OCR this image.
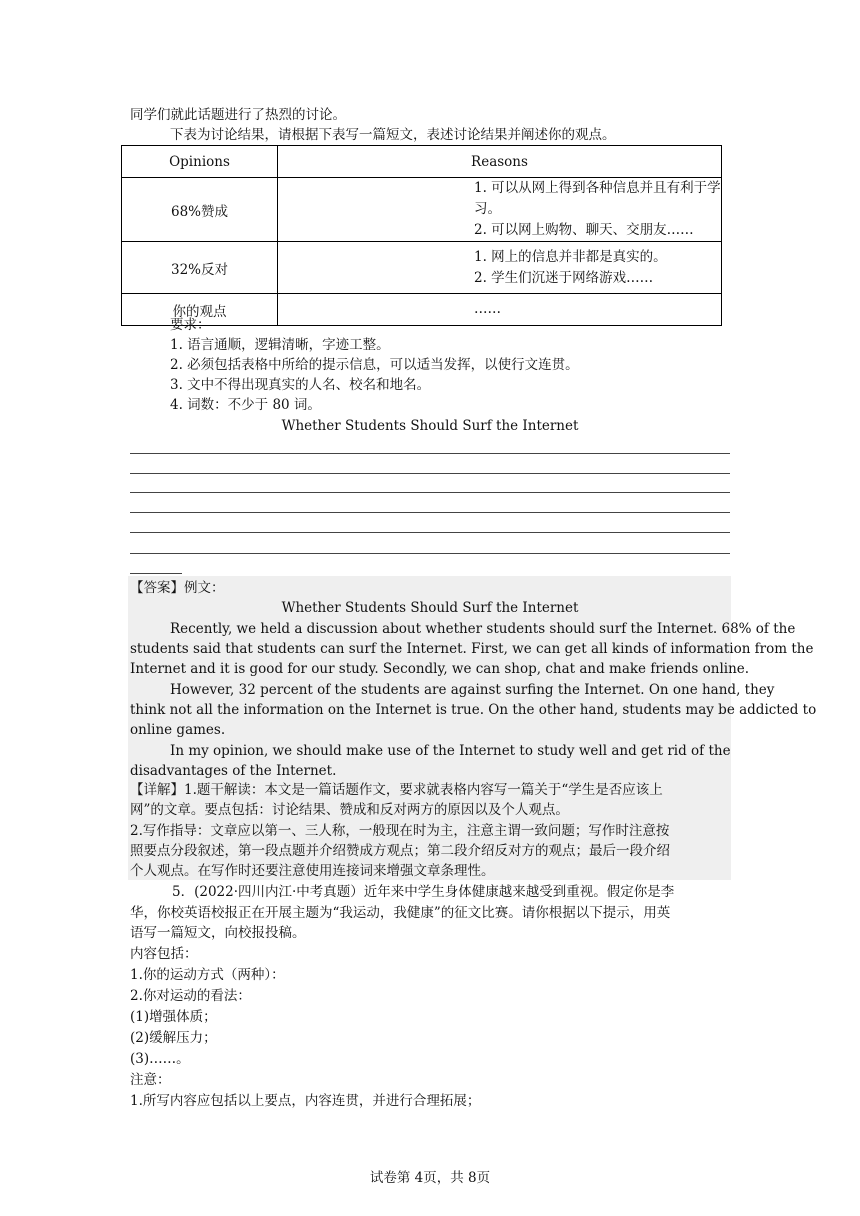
同学们就此话题进行了热烈的讨论。
下表为讨论结果，请根据下表写一篇短文，表述讨论结果并阐述你的观点。
Opinions	Reasons
68%赞成	1. 可以从网上得到各种信息并且有利于学习。
2. 可以网上购物、聊天、交朋友……

32%反对	1. 网上的信息并非都是真实的。
2. 学生们沉迷于网络游戏……

你的观点	……
要求：
1. 语言通顺，逻辑清晰，字迹工整。
2. 必须包括表格中所给的提示信息，可以适当发挥，以使行文连贯。
3. 文中不得出现真实的人名、校名和地名。
4. 词数：不少于 80 词。
Whether Students Should Surf the Internet
【答案】例文：
Whether Students Should Surf the Internet
Recently, we held a discussion about whether students should surf the Internet. 68% of the
students said that students can surf the Internet. First, we can get all kinds of information from the
Internet and it is good for our study. Secondly, we can shop, chat and make friends online.
However, 32 percent of the students are against surfing the Internet. On one hand, they
think not all the information on the Internet is true. On the other hand, students may be addicted to
online games.
In my opinion, we should make use of the Internet to study well and get rid of the
disadvantages of the Internet.
【详解】1.题干解读：本文是一篇话题作文，要求就表格内容写一篇关于“学生是否应该上
网”的文章。要点包括：讨论结果、赞成和反对两方的原因以及个人观点。
2.写作指导：文章应以第一、三人称，一般现在时为主，注意主谓一致问题；写作时注意按
照要点分段叙述，第一段点题并介绍赞成方观点；第二段介绍反对方的观点；最后一段介绍
个人观点。在写作时还要注意使用连接词来增强文章条理性。
5．(2022·四川内江·中考真题）近年来中学生身体健康越来越受到重视。假定你是李
华，你校英语校报正在开展主题为“我运动，我健康”的征文比赛。请你根据以下提示，用英
语写一篇短文，向校报投稿。
内容包括：
1.你的运动方式（两种）：
2.你对运动的看法：
(1)增强体质；
(2)缓解压力；
(3)……。
注意：
1.所写内容应包括以上要点，内容连贯，并进行合理拓展；
试卷第 4页，共 8页
